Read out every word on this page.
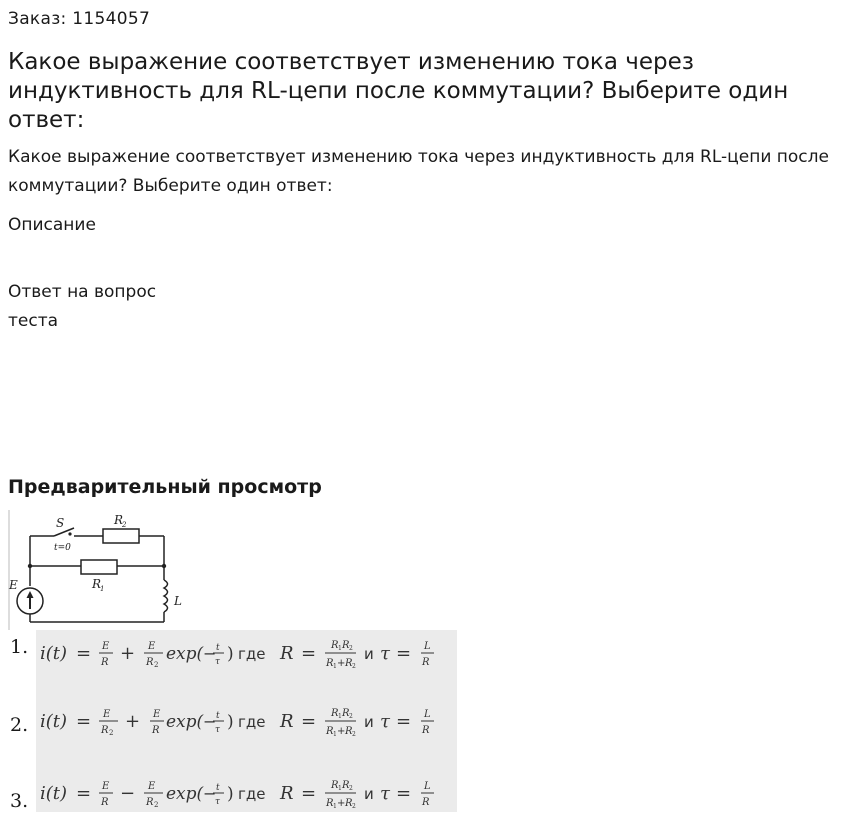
Заказ: 1154057
Какое выражение соответствует изменению тока через индуктивность для RL-цепи после коммутации? Выберите один ответ:
Какое выражение соответствует изменению тока через индуктивность для RL-цепи после коммутации? Выберите один ответ:
Описание
Ответ на вопрос теста
Предварительный просмотр
S
t=0
R
2
R
1
E
L
1. i(t) = E
R + E
R 2
exp( − t
τ ) где R = R 1 R 2
R 1 + R 2
и τ = L
R
2. i(t) = E
R 2
+ E
R exp( − t
τ ) где R = R 1 R 2
R 1 + R 2
и τ = L
R
3. i(t) = E
R − E
R 2
exp( − t
τ ) где R = R 1 R 2
R 1 + R 2
и τ = L
R
